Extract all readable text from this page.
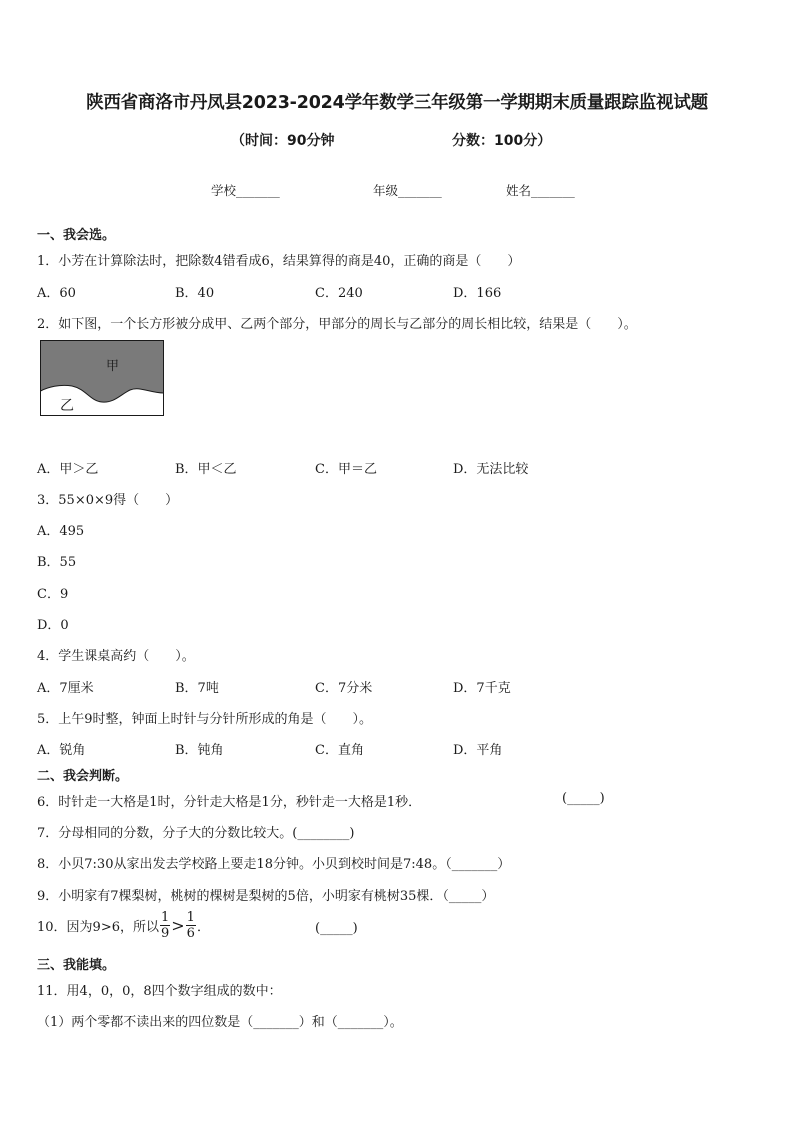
陕西省商洛市丹凤县2023-2024学年数学三年级第一学期期末质量跟踪监视试题
（时间：90分钟	分数：100分）
学校_______	年级_______	姓名_______
一、我会选。
1．小芳在计算除法时，把除数4错看成6，结果算得的商是40，正确的商是（　　）
A．60	B．40	C．240	D．166
2．如下图，一个长方形被分成甲、乙两个部分，甲部分的周长与乙部分的周长相比较，结果是（　　）。
甲
乙
A．甲＞乙	B．甲＜乙	C．甲＝乙	D．无法比较
3．55×0×9得（　　）
A．495
B．55
C．9
D．0
4．学生课桌高约（　　）。
A．7厘米	B．7吨	C．7分米	D．7千克
5．上午9时整，钟面上时针与分针所形成的角是（　　）。
A．锐角	B．钝角	C．直角	D．平角
二、我会判断。
6．时针走一大格是1时，分针走大格是1分，秒针走一大格是1秒．	(_____)
7．分母相同的分数，分子大的分数比较大。(________)
8．小贝7:30从家出发去学校路上要走18分钟。小贝到校时间是7:48。（_______）
9．小明家有7棵梨树，桃树的棵树是梨树的5倍，小明家有桃树35棵．（_____）
10．因为9>6，所以 $\frac{1}{9} > \frac{1}{6}$ ．	(_____)
三、我能填。
11．用4，0，0，8四个数字组成的数中：
（1）两个零都不读出来的四位数是（_______）和（_______）。
